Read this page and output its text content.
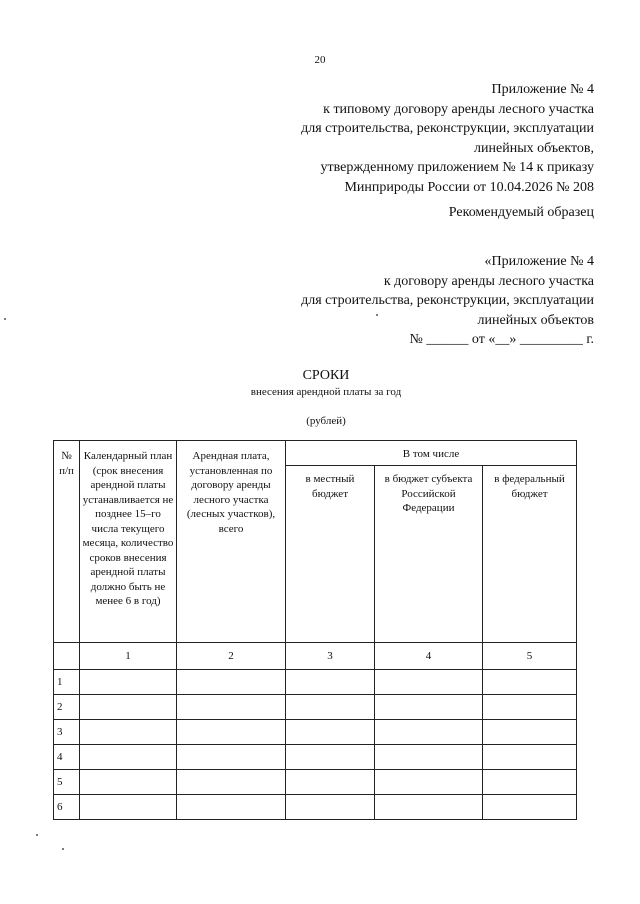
20
Приложение № 4
к типовому договору аренды лесного участка
для строительства, реконструкции, эксплуатации
линейных объектов,
утвержденному приложением № 14 к приказу
Минприроды России от 10.04.2026 № 208
Рекомендуемый образец
«Приложение № 4
к договору аренды лесного участка
для строительства, реконструкции, эксплуатации
линейных объектов
№ ______ от «__» _________ г.
СРОКИ
внесения арендной платы за год
(рублей)
№ п/п	Календарный план (срок внесения арендной платы устанавливается не позднее 15–го числа текущего месяца, количество сроков внесения арендной платы должно быть не менее 6 в год)	Арендная плата, установленная по договору аренды лесного участка (лесных участков), всего	В том числе		
			в местный бюджет	в бюджет субъекта Российской Федерации	в федеральный бюджет
	1	2	3	4	5
1					
2					
3					
4					
5					
6					
